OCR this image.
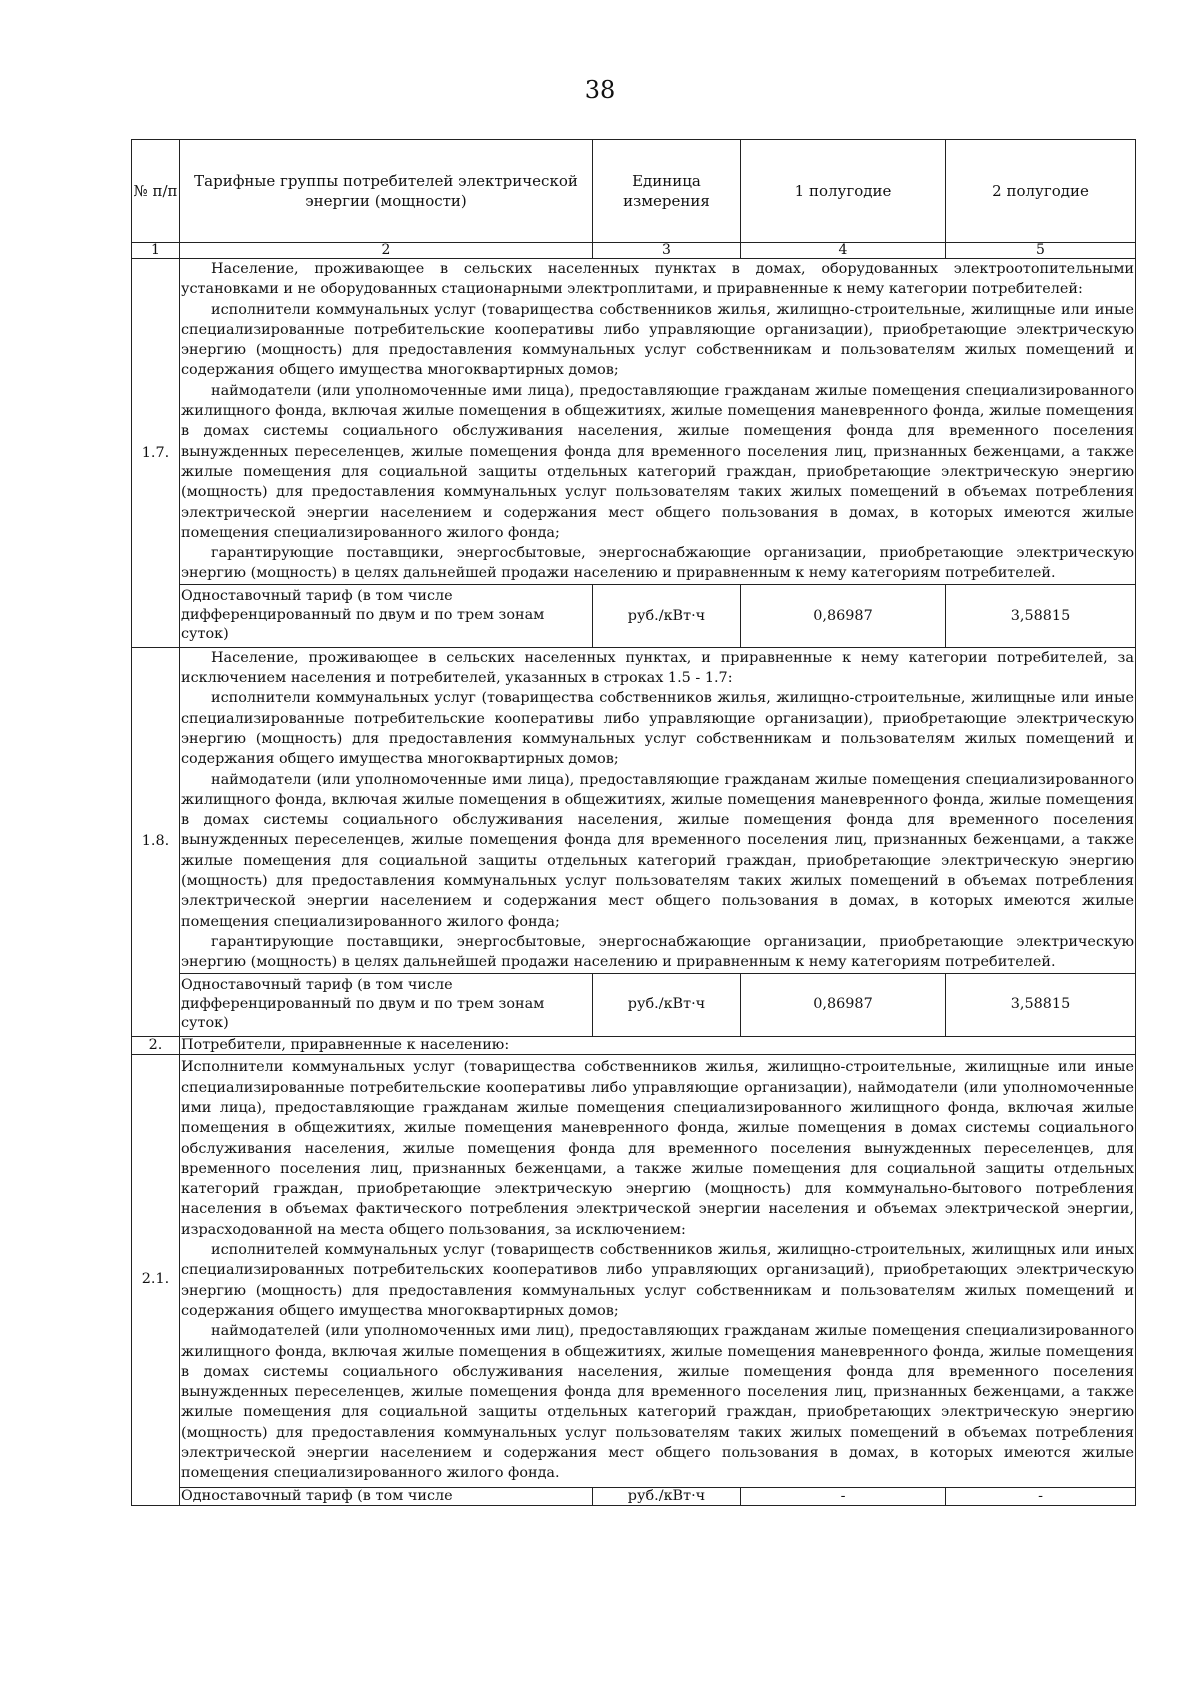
38
№ п/п	Тарифные группы потребителей электрической энергии (мощности)	Единица измерения	1 полугодие	2 полугодие
1	2	3	4	5
1.7.	Население, проживающее в сельских населенных пунктах в домах, оборудованных электроотопительными установками и не оборудованных стационарными электроплитами, и приравненные к нему категории потребителей:

исполнители коммунальных услуг (товарищества собственников жилья, жилищно-строительные, жилищные или иные специализированные потребительские кооперативы либо управляющие организации), приобретающие электрическую энергию (мощность) для предоставления коммунальных услуг собственникам и пользователям жилых помещений и содержания общего имущества многоквартирных домов;

наймодатели (или уполномоченные ими лица), предоставляющие гражданам жилые помещения специализированного жилищного фонда, включая жилые помещения в общежитиях, жилые помещения маневренного фонда, жилые помещения в домах системы социального обслуживания населения, жилые помещения фонда для временного поселения вынужденных переселенцев, жилые помещения фонда для временного поселения лиц, признанных беженцами, а также жилые помещения для социальной защиты отдельных категорий граждан, приобретающие электрическую энергию (мощность) для предоставления коммунальных услуг пользователям таких жилых помещений в объемах потребления электрической энергии населением и содержания мест общего пользования в домах, в которых имеются жилые помещения специализированного жилого фонда;

гарантирующие поставщики, энергосбытовые, энергоснабжающие организации, приобретающие электрическую энергию (мощность) в целях дальнейшей продажи населению и приравненным к нему категориям потребителей.			

	Одноставочный тариф (в том числе дифференцированный по двум и по трем зонам суток)	руб./кВт·ч	0,86987	3,58815
1.8.	Население, проживающее в сельских населенных пунктах, и приравненные к нему категории потребителей, за исключением населения и потребителей, указанных в строках 1.5 - 1.7:

исполнители коммунальных услуг (товарищества собственников жилья, жилищно-строительные, жилищные или иные специализированные потребительские кооперативы либо управляющие организации), приобретающие электрическую энергию (мощность) для предоставления коммунальных услуг собственникам и пользователям жилых помещений и содержания общего имущества многоквартирных домов;

наймодатели (или уполномоченные ими лица), предоставляющие гражданам жилые помещения специализированного жилищного фонда, включая жилые помещения в общежитиях, жилые помещения маневренного фонда, жилые помещения в домах системы социального обслуживания населения, жилые помещения фонда для временного поселения вынужденных переселенцев, жилые помещения фонда для временного поселения лиц, признанных беженцами, а также жилые помещения для социальной защиты отдельных категорий граждан, приобретающие электрическую энергию (мощность) для предоставления коммунальных услуг пользователям таких жилых помещений в объемах потребления электрической энергии населением и содержания мест общего пользования в домах, в которых имеются жилые помещения специализированного жилого фонда;

гарантирующие поставщики, энергосбытовые, энергоснабжающие организации, приобретающие электрическую энергию (мощность) в целях дальнейшей продажи населению и приравненным к нему категориям потребителей.			

	Одноставочный тариф (в том числе дифференцированный по двум и по трем зонам суток)	руб./кВт·ч	0,86987	3,58815
2.	Потребители, приравненные к населению:			

2.1.	Исполнители коммунальных услуг (товарищества собственников жилья, жилищно-строительные, жилищные или иные специализированные потребительские кооперативы либо управляющие организации), наймодатели (или уполномоченные ими лица), предоставляющие гражданам жилые помещения специализированного жилищного фонда, включая жилые помещения в общежитиях, жилые помещения маневренного фонда, жилые помещения в домах системы социального обслуживания населения, жилые помещения фонда для временного поселения вынужденных переселенцев, для временного поселения лиц, признанных беженцами, а также жилые помещения для социальной защиты отдельных категорий граждан, приобретающие электрическую энергию (мощность) для коммунально-бытового потребления населения в объемах фактического потребления электрической энергии населения и объемах электрической энергии, израсходованной на места общего пользования, за исключением:

исполнителей коммунальных услуг (товариществ собственников жилья, жилищно-строительных, жилищных или иных специализированных потребительских кооперативов либо управляющих организаций), приобретающих электрическую энергию (мощность) для предоставления коммунальных услуг собственникам и пользователям жилых помещений и содержания общего имущества многоквартирных домов;

наймодателей (или уполномоченных ими лиц), предоставляющих гражданам жилые помещения специализированного жилищного фонда, включая жилые помещения в общежитиях, жилые помещения маневренного фонда, жилые помещения в домах системы социального обслуживания населения, жилые помещения фонда для временного поселения вынужденных переселенцев, жилые помещения фонда для временного поселения лиц, признанных беженцами, а также жилые помещения для социальной защиты отдельных категорий граждан, приобретающих электрическую энергию (мощность) для предоставления коммунальных услуг пользователям таких жилых помещений в объемах потребления электрической энергии населением и содержания мест общего пользования в домах, в которых имеются жилые помещения специализированного жилого фонда.			

	Одноставочный тариф (в том числе	руб./кВт·ч	-	-
